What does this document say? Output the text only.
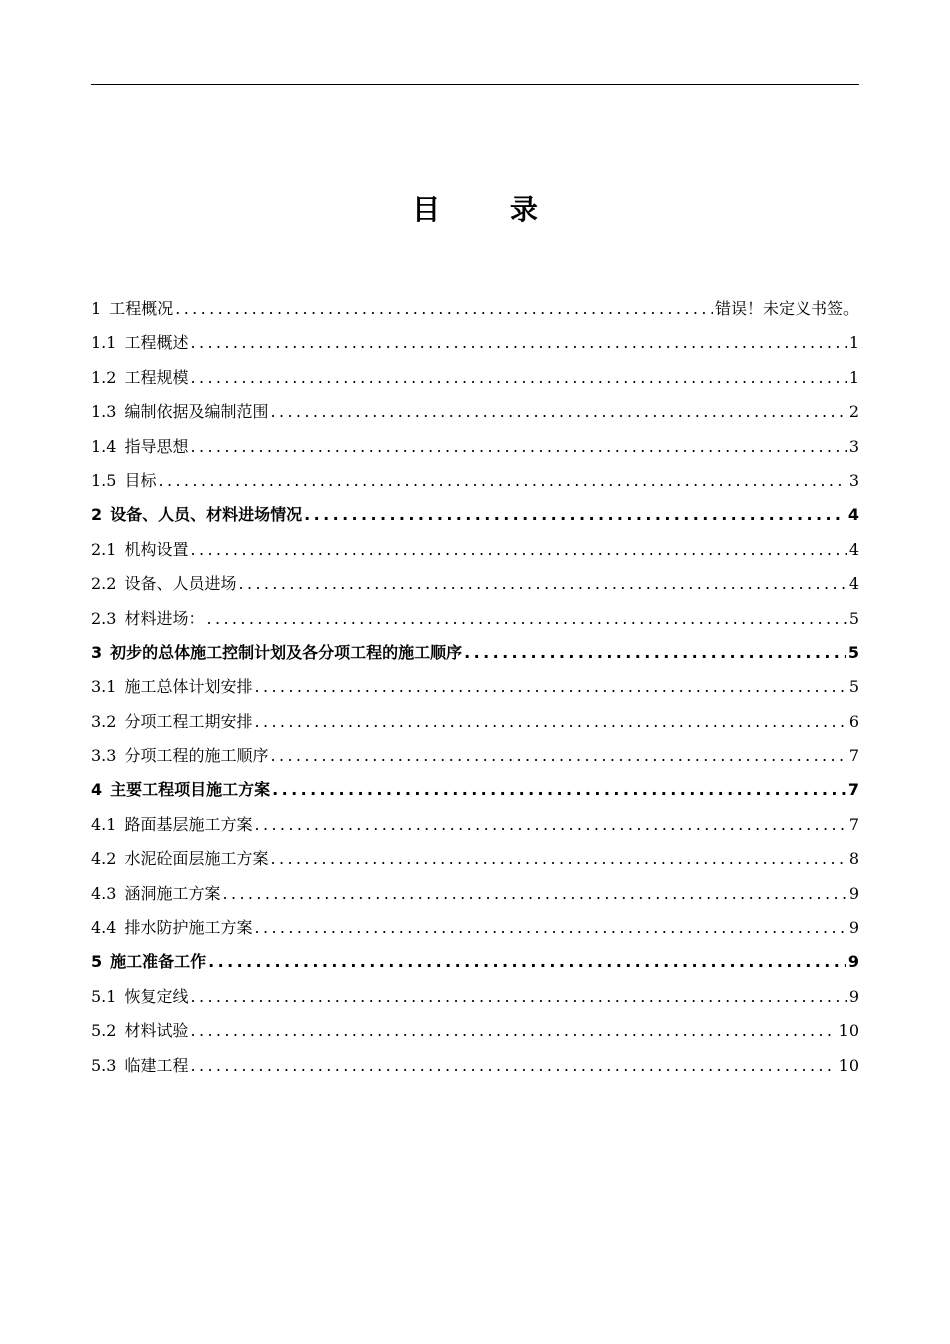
目 录
1 工程概况 .....	错误！未定义书签。
1.1 工程概述 .....	1
1.2 工程规模 .....	1
1.3 编制依据及编制范围 .....	2
1.4 指导思想 .....	3
1.5 目标 .....	3
2 设备、人员、材料进场情况 .....	4
2.1 机构设置 .....	4
2.2 设备、人员进场 .....	4
2.3 材料进场： .....	5
3 初步的总体施工控制计划及各分项工程的施工顺序 .....	5
3.1 施工总体计划安排 .....	5
3.2 分项工程工期安排 .....	6
3.3 分项工程的施工顺序 .....	7
4 主要工程项目施工方案 .....	7
4.1 路面基层施工方案 .....	7
4.2 水泥砼面层施工方案 .....	8
4.3 涵洞施工方案 .....	9
4.4 排水防护施工方案 .....	9
5 施工准备工作 .....	9
5.1 恢复定线 .....	9
5.2 材料试验 .....	10
5.3 临建工程 .....	10
